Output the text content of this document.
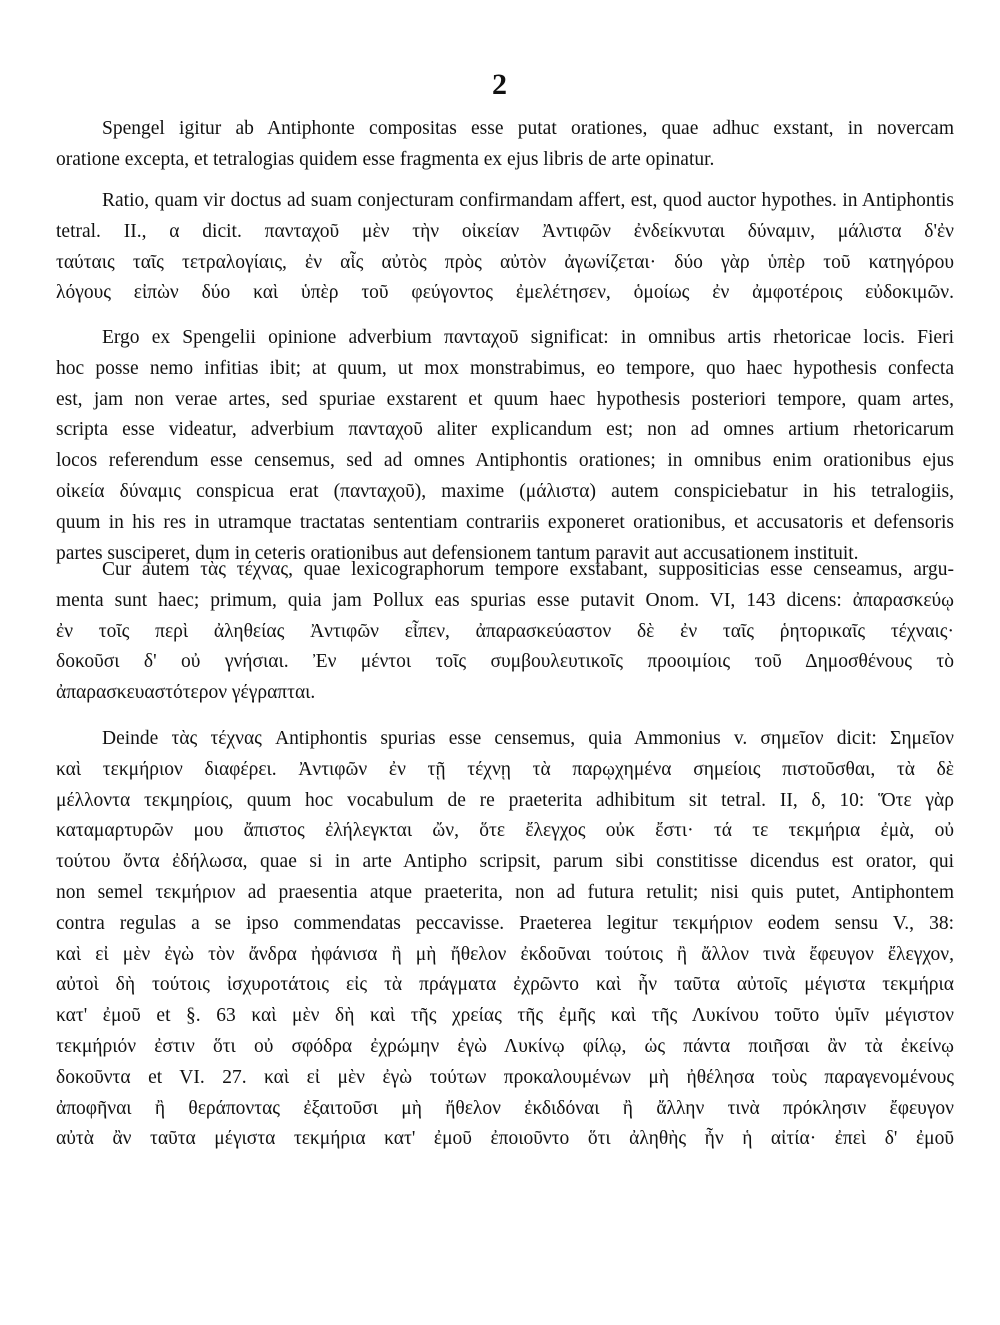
2
Spengel igitur ab Antiphonte compositas esse putat orationes, quae adhuc exstant, in novercam
oratione excepta, et tetralogias quidem esse fragmenta ex ejus libris de arte opinatur.
Ratio, quam vir doctus ad suam conjecturam confirmandam affert, est, quod auctor hypothes. in Antiphontis
tetral. II., α dicit. πανταχοῦ μὲν τὴν οἰκείαν Ἀντιφῶν ἐνδείκνυται δύναμιν, μάλιστα δ'ἐν
ταύταις ταῖς τετραλογίαις, ἐν αἷς αὐτὸς πρὸς αὐτὸν ἀγωνίζεται· δύο γὰρ ὑπὲρ τοῦ κατηγόρου
λόγους εἰπὼν δύο καὶ ὑπὲρ τοῦ φεύγοντος ἐμελέτησεν, ὁμοίως ἐν ἀμφοτέροις εὐδοκιμῶν.
Ergo ex Spengelii opinione adverbium πανταχοῦ significat: in omnibus artis rhetoricae locis. Fieri
hoc posse nemo infitias ibit; at quum, ut mox monstrabimus, eo tempore, quo haec hypothesis confecta
est, jam non verae artes, sed spuriae exstarent et quum haec hypothesis posteriori tempore, quam artes,
scripta esse videatur, adverbium πανταχοῦ aliter explicandum est; non ad omnes artium rhetoricarum
locos referendum esse censemus, sed ad omnes Antiphontis orationes; in omnibus enim orationibus ejus
οἰκεία δύναμις conspicua erat (πανταχοῦ), maxime (μάλιστα) autem conspiciebatur in his tetralogiis,
quum in his res in utramque tractatas sententiam contrariis exponeret orationibus, et accusatoris et defensoris
partes susciperet, dum in ceteris orationibus aut defensionem tantum paravit aut accusationem instituit.
Cur autem τὰς τέχνας, quae lexicographorum tempore exstabant, suppositicias esse censeamus, argu-
menta sunt haec; primum, quia jam Pollux eas spurias esse putavit Onom. VI, 143 dicens: ἀπαρασκεύῳ
ἐν τοῖς περὶ ἀληθείας Ἀντιφῶν εἶπεν, ἀπαρασκεύαστον δὲ ἐν ταῖς ῥητορικαῖς τέχναις·
δοκοῦσι δ' οὐ γνήσιαι. Ἐν μέντοι τοῖς συμβουλευτικοῖς προοιμίοις τοῦ Δημοσθένους τὸ
ἀπαρασκευαστότερον γέγραπται.
Deinde τὰς τέχνας Antiphontis spurias esse censemus, quia Ammonius v. σημεῖον dicit: Σημεῖον
καὶ τεκμήριον διαφέρει. Ἀντιφῶν ἐν τῇ τέχνῃ τὰ παρῳχημένα σημείοις πιστοῦσθαι, τὰ δὲ
μέλλοντα τεκμηρίοις, quum hoc vocabulum de re praeterita adhibitum sit tetral. II, δ, 10: Ὅτε γὰρ
καταμαρτυρῶν μου ἄπιστος ἐλήλεγκται ὤν, ὅτε ἔλεγχος οὐκ ἔστι· τά τε τεκμήρια ἐμὰ, οὐ
τούτου ὄντα ἐδήλωσα, quae si in arte Antipho scripsit, parum sibi constitisse dicendus est orator, qui
non semel τεκμήριον ad praesentia atque praeterita, non ad futura retulit; nisi quis putet, Antiphontem
contra regulas a se ipso commendatas peccavisse. Praeterea legitur τεκμήριον eodem sensu V., 38:
καὶ εἰ μὲν ἐγὼ τὸν ἄνδρα ἠφάνισα ἢ μὴ ἤθελον ἐκδοῦναι τούτοις ἢ ἄλλον τινὰ ἔφευγον ἔλεγχον,
αὐτοὶ δὴ τούτοις ἰσχυροτάτοις εἰς τὰ πράγματα ἐχρῶντο καὶ ἦν ταῦτα αὐτοῖς μέγιστα τεκμήρια
κατ' ἐμοῦ et §. 63 καὶ μὲν δὴ καὶ τῆς χρείας τῆς ἐμῆς καὶ τῆς Λυκίνου τοῦτο ὑμῖν μέγιστον
τεκμήριόν ἐστιν ὅτι οὐ σφόδρα ἐχρώμην ἐγὼ Λυκίνῳ φίλῳ, ὡς πάντα ποιῆσαι ἂν τὰ ἐκείνῳ
δοκοῦντα et VI. 27. καὶ εἰ μὲν ἐγὼ τούτων προκαλουμένων μὴ ἠθέλησα τοὺς παραγενομένους
ἀποφῆναι ἢ θεράποντας ἐξαιτοῦσι μὴ ἤθελον ἐκδιδόναι ἢ ἄλλην τινὰ πρόκλησιν ἔφευγον
αὐτὰ ἂν ταῦτα μέγιστα τεκμήρια κατ' ἐμοῦ ἐποιοῦντο ὅτι ἀληθὴς ἦν ἡ αἰτία· ἐπεὶ δ' ἐμοῦ
